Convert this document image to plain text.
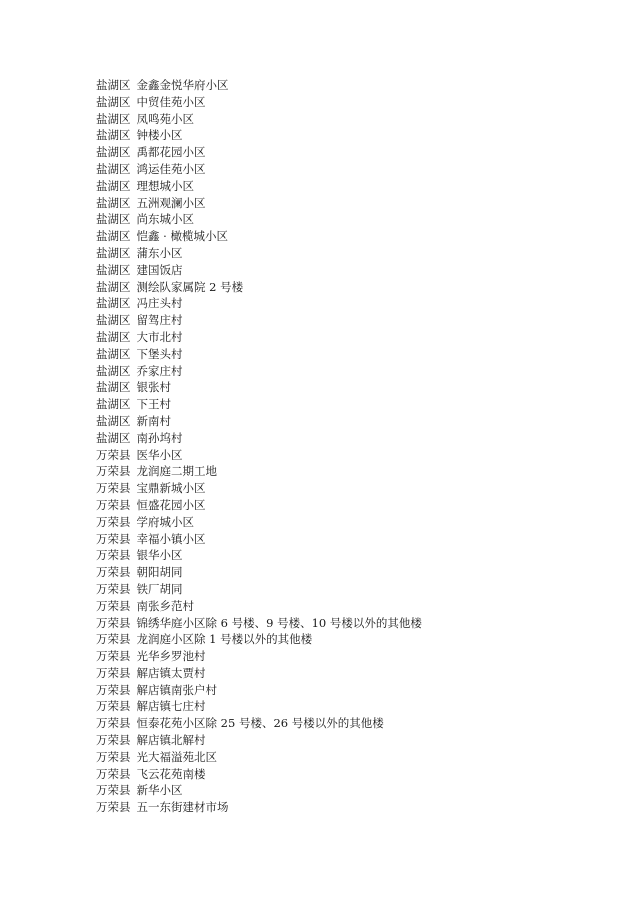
盐湖区 金鑫金悦华府小区
盐湖区 中贸佳苑小区
盐湖区 凤鸣苑小区
盐湖区 钟楼小区
盐湖区 禹都花园小区
盐湖区 鸿运佳苑小区
盐湖区 理想城小区
盐湖区 五洲观澜小区
盐湖区 尚东城小区
盐湖区 恺鑫 · 橄榄城小区
盐湖区 蒲东小区
盐湖区 建国饭店
盐湖区 测绘队家属院 2 号楼
盐湖区 冯庄头村
盐湖区 留驾庄村
盐湖区 大市北村
盐湖区 下堡头村
盐湖区 乔家庄村
盐湖区 银张村
盐湖区 下王村
盐湖区 新南村
盐湖区 南孙坞村
万荣县 医华小区
万荣县 龙润庭二期工地
万荣县 宝鼎新城小区
万荣县 恒盛花园小区
万荣县 学府城小区
万荣县 幸福小镇小区
万荣县 银华小区
万荣县 朝阳胡同
万荣县 铁厂胡同
万荣县 南张乡范村
万荣县 锦绣华庭小区除 6 号楼、9 号楼、10 号楼以外的其他楼
万荣县 龙润庭小区除 1 号楼以外的其他楼
万荣县 光华乡罗池村
万荣县 解店镇太贾村
万荣县 解店镇南张户村
万荣县 解店镇七庄村
万荣县 恒泰花苑小区除 25 号楼、26 号楼以外的其他楼
万荣县 解店镇北解村
万荣县 光大福溢苑北区
万荣县 飞云花苑南楼
万荣县 新华小区
万荣县 五一东街建材市场
